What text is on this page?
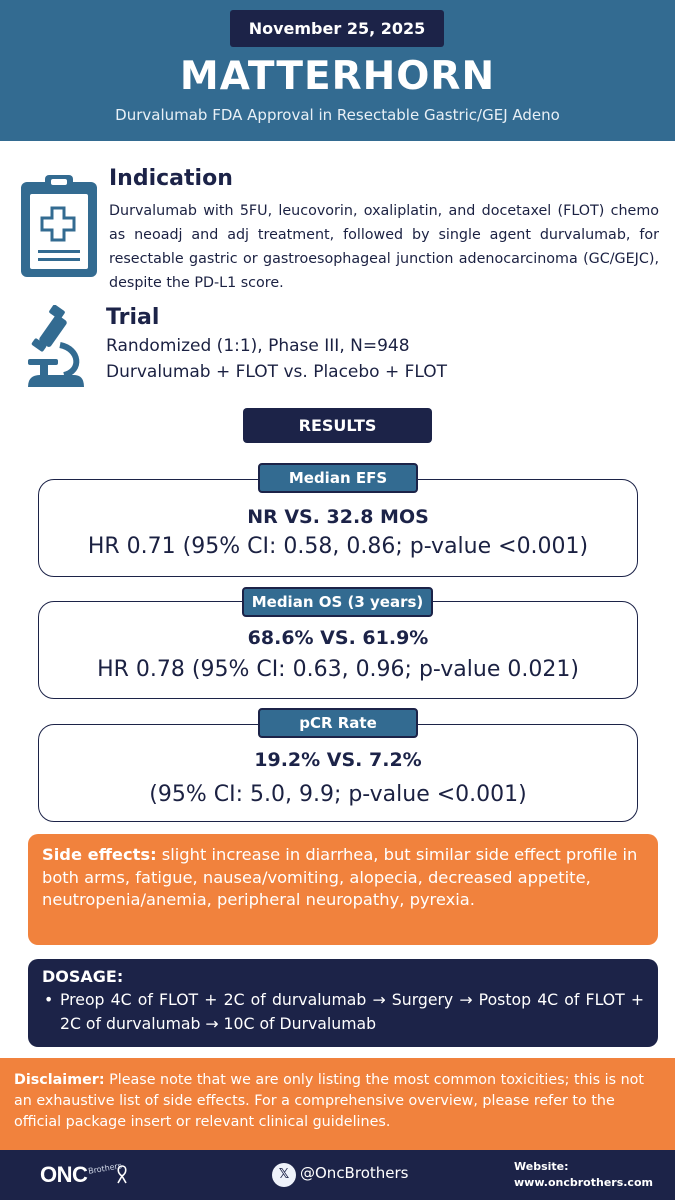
November 25, 2025
MATTERHORN
Durvalumab FDA Approval in Resectable Gastric/GEJ Adeno
Indication
Durvalumab with 5FU, leucovorin, oxaliplatin, and docetaxel (FLOT) chemo as neoadj and adj treatment, followed by single agent durvalumab, for resectable gastric or gastroesophageal junction adenocarcinoma (GC/GEJC), despite the PD-L1 score.
Trial
Randomized (1:1), Phase III, N=948
Durvalumab + FLOT vs. Placebo + FLOT
RESULTS
Median EFS
NR VS. 32.8 MOS
HR 0.71 (95% CI: 0.58, 0.86; p-value <0.001)
Median OS (3 years)
68.6% VS. 61.9%
HR 0.78 (95% CI: 0.63, 0.96; p-value 0.021)
pCR Rate
19.2% VS. 7.2%
(95% CI: 5.0, 9.9; p-value <0.001)
Side effects: slight increase in diarrhea, but similar side effect profile in both arms, fatigue, nausea/vomiting, alopecia, decreased appetite, neutropenia/anemia, peripheral neuropathy, pyrexia.
DOSAGE:
• Preop 4C of FLOT + 2C of durvalumab → Surgery → Postop 4C of FLOT + 2C of durvalumab → 10C of Durvalumab
Disclaimer: Please note that we are only listing the most common toxicities; this is not an exhaustive list of side effects. For a comprehensive overview, please refer to the official package insert or relevant clinical guidelines.
ONC Brothers	𝕏 @OncBrothers	Website:
www.oncbrothers.com
